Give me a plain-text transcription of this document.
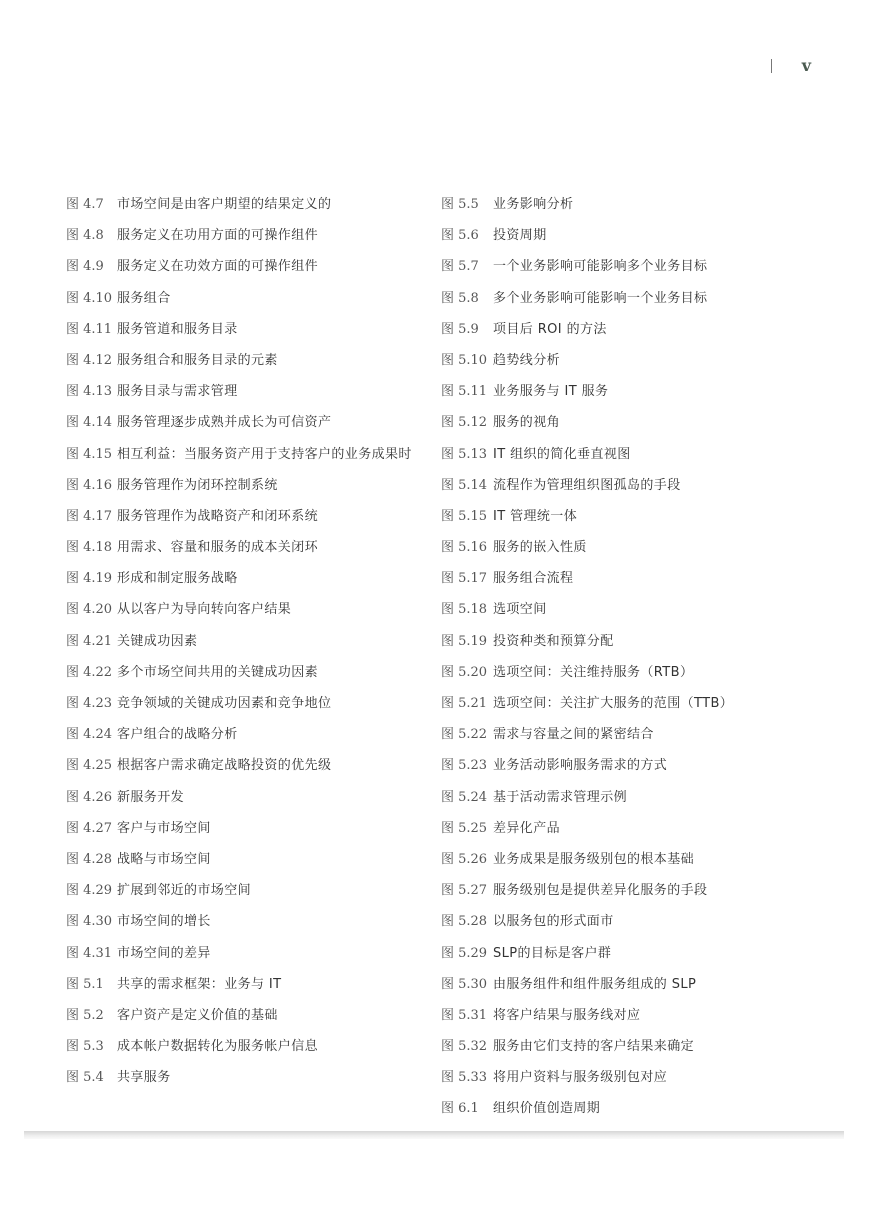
v
图 4.7	市场空间是由客户期望的结果定义的
图 4.8	服务定义在功用方面的可操作组件
图 4.9	服务定义在功效方面的可操作组件
图 4.10 服务组合
图 4.11 服务管道和服务目录
图 4.12 服务组合和服务目录的元素
图 4.13 服务目录与需求管理
图 4.14 服务管理逐步成熟并成长为可信资产
图 4.15 相互利益：当服务资产用于支持客户的业务成果时
图 4.16 服务管理作为闭环控制系统
图 4.17 服务管理作为战略资产和闭环系统
图 4.18 用需求、容量和服务的成本关闭环
图 4.19 形成和制定服务战略
图 4.20 从以客户为导向转向客户结果
图 4.21 关键成功因素
图 4.22 多个市场空间共用的关键成功因素
图 4.23 竞争领域的关键成功因素和竞争地位
图 4.24 客户组合的战略分析
图 4.25 根据客户需求确定战略投资的优先级
图 4.26 新服务开发
图 4.27 客户与市场空间
图 4.28 战略与市场空间
图 4.29 扩展到邻近的市场空间
图 4.30 市场空间的增长
图 4.31 市场空间的差异
图 5.1	共享的需求框架：业务与 IT
图 5.2	客户资产是定义价值的基础
图 5.3	成本帐户数据转化为服务帐户信息
图 5.4	共享服务
图 5.5	业务影响分析
图 5.6	投资周期
图 5.7	一个业务影响可能影响多个业务目标
图 5.8	多个业务影响可能影响一个业务目标
图 5.9	项目后 ROI 的方法
图 5.10 趋势线分析
图 5.11 业务服务与 IT 服务
图 5.12 服务的视角
图 5.13 IT 组织的简化垂直视图
图 5.14 流程作为管理组织图孤岛的手段
图 5.15 IT 管理统一体
图 5.16 服务的嵌入性质
图 5.17 服务组合流程
图 5.18 选项空间
图 5.19 投资种类和预算分配
图 5.20 选项空间：关注维持服务（RTB）
图 5.21 选项空间：关注扩大服务的范围（TTB）
图 5.22 需求与容量之间的紧密结合
图 5.23 业务活动影响服务需求的方式
图 5.24 基于活动需求管理示例
图 5.25 差异化产品
图 5.26 业务成果是服务级别包的根本基础
图 5.27 服务级别包是提供差异化服务的手段
图 5.28 以服务包的形式面市
图 5.29 SLP的目标是客户群
图 5.30 由服务组件和组件服务组成的 SLP
图 5.31 将客户结果与服务线对应
图 5.32 服务由它们支持的客户结果来确定
图 5.33 将用户资料与服务级别包对应
图 6.1	组织价值创造周期
